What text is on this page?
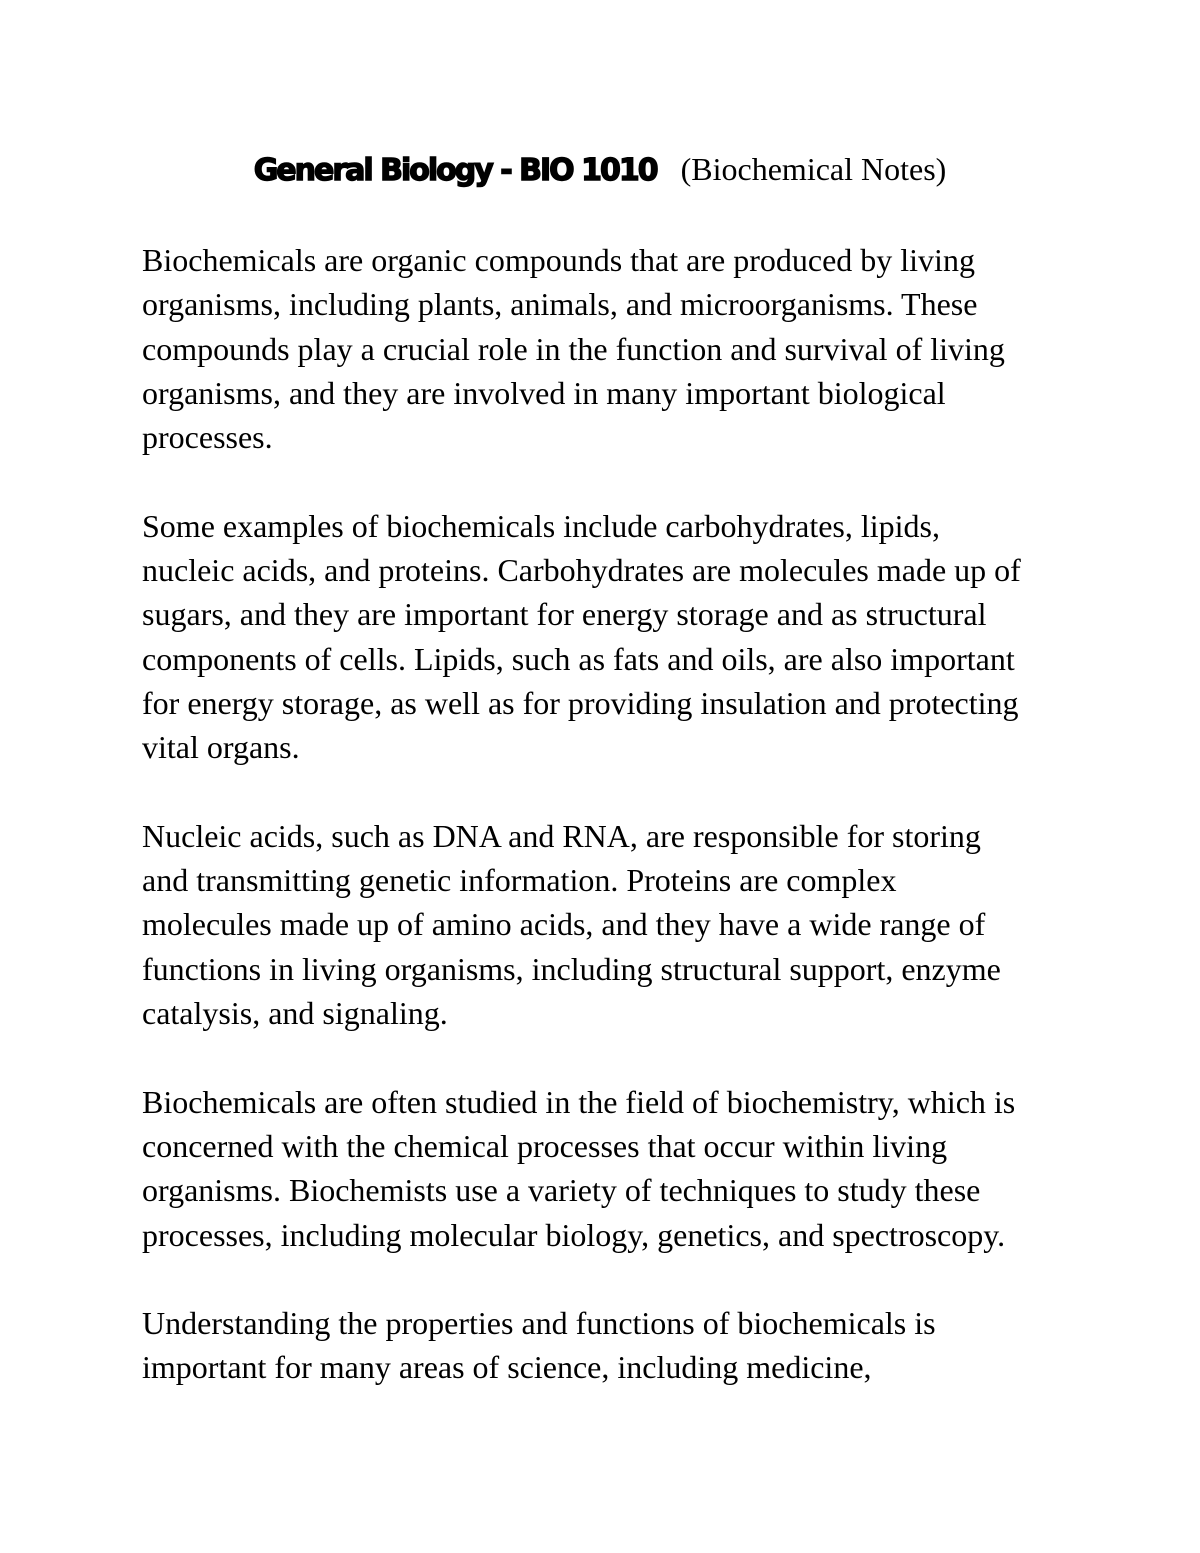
General Biology - BIO 1010 (Biochemical Notes)

Biochemicals are organic compounds that are produced by living
organisms, including plants, animals, and microorganisms. These
compounds play a crucial role in the function and survival of living
organisms, and they are involved in many important biological
processes.

Some examples of biochemicals include carbohydrates, lipids,
nucleic acids, and proteins. Carbohydrates are molecules made up of
sugars, and they are important for energy storage and as structural
components of cells. Lipids, such as fats and oils, are also important
for energy storage, as well as for providing insulation and protecting
vital organs.

Nucleic acids, such as DNA and RNA, are responsible for storing
and transmitting genetic information. Proteins are complex
molecules made up of amino acids, and they have a wide range of
functions in living organisms, including structural support, enzyme
catalysis, and signaling.

Biochemicals are often studied in the field of biochemistry, which is
concerned with the chemical processes that occur within living
organisms. Biochemists use a variety of techniques to study these
processes, including molecular biology, genetics, and spectroscopy.

Understanding the properties and functions of biochemicals is
important for many areas of science, including medicine,
